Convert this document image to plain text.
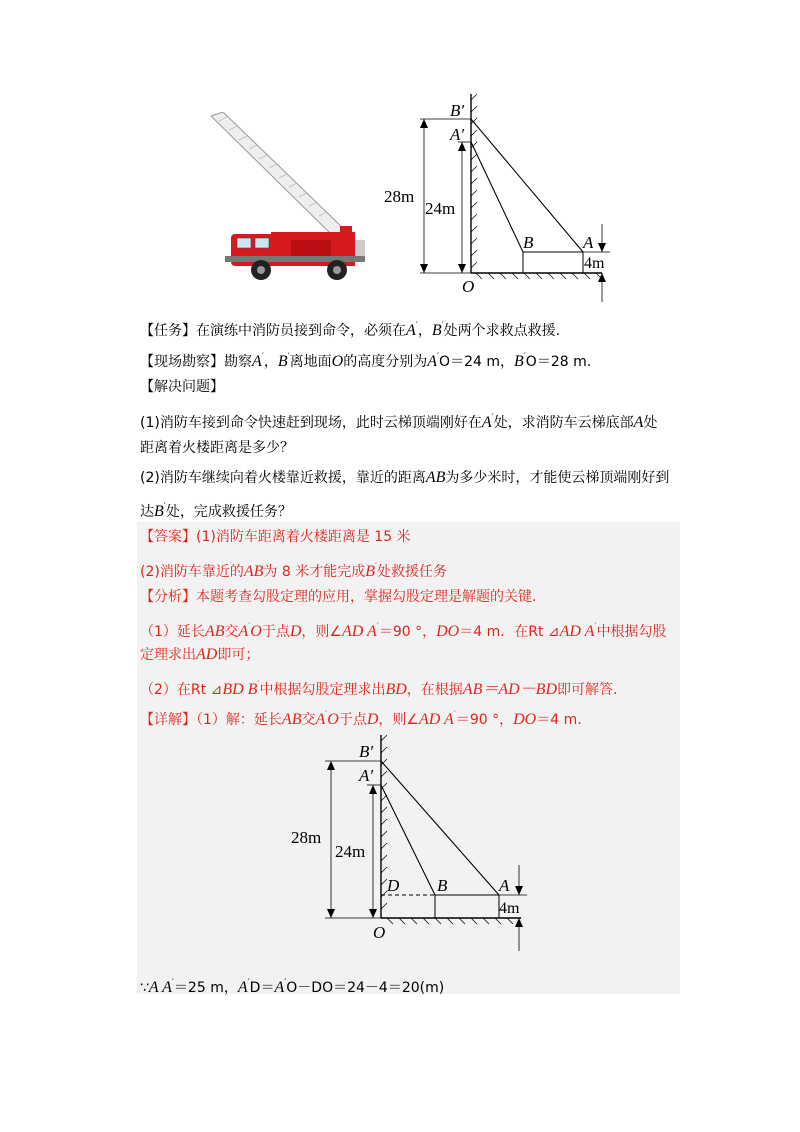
B′
A′
B	A
O
28m
24m
4m
【任务】在演练中消防员接到命令，必须在A′，B′处两个求救点救援.
【现场勘察】勘察A′，B′离地面O的高度分别为A′O＝24 m，B′O＝28 m.
【解决问题】
(1)消防车接到命令快速赶到现场，此时云梯顶端刚好在A′处，求消防车云梯底部A处
距离着火楼距离是多少？
(2)消防车继续向着火楼靠近救援，靠近的距离AB为多少米时，才能使云梯顶端刚好到
达B′处，完成救援任务？
【答案】(1)消防车距离着火楼距离是 15 米
(2)消防车靠近的AB为 8 米才能完成B′处救援任务
【分析】本题考查勾股定理的应用，掌握勾股定理是解题的关键.
（1）延长AB交A′O于点D，则∠AD A′＝90 °，DO＝4 m．在Rt ⊿AD A′中根据勾股
定理求出AD即可；
（2）在Rt ⊿BD B′中根据勾股定理求出BD，在根据AB＝AD－BD即可解答.
【详解】（1）解：延长AB交A′O于点D，则∠AD A′＝90 °，DO＝4 m.
B′
A′
D B	A
O
28m
24m
4m
∵A A′＝25 m，A′D＝A′O－DO＝24－4＝20(m)
